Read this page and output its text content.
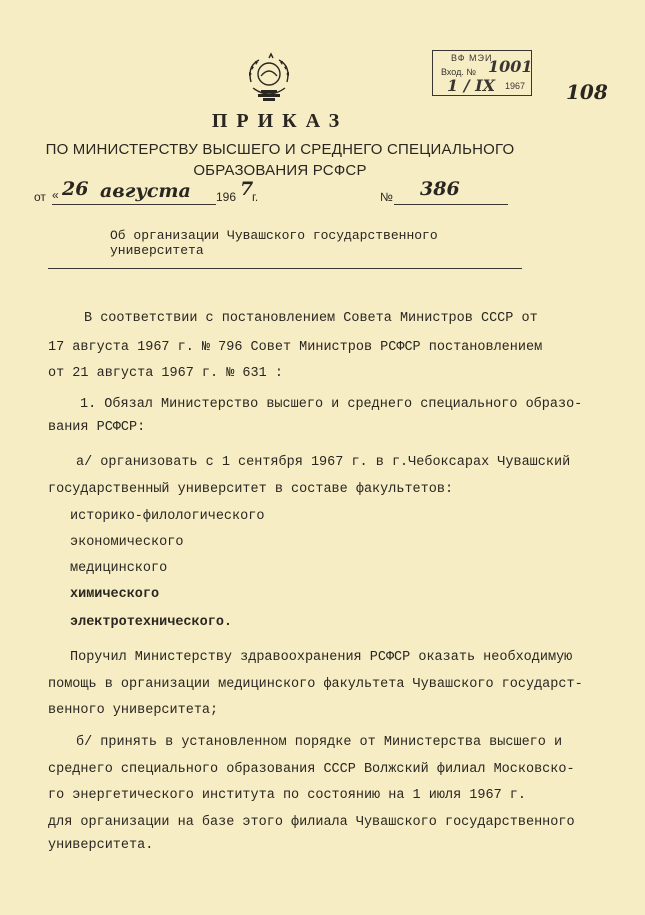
ВФ МЭИ
Вход. № 1001
1 / IX 1967 108
ПРИКАЗ
ПО МИНИСТЕРСТВУ ВЫСШЕГО И СРЕДНЕГО СПЕЦИАЛЬНОГО
ОБРАЗОВАНИЯ РСФСР
от « 26 августа 196 7
г.	№ 386
Об организации Чувашского государственного
университета
В соответствии с постановлением Совета Министров СССР от
17 августа 1967 г. № 796 Совет Министров РСФСР постановлением
от 21 августа 1967 г. № 631 :
1. Обязал Министерство высшего и среднего специального образо-
вания РСФСР:
а/ организовать с 1 сентября 1967 г. в г.Чебоксарах Чувашский
государственный университет в составе факультетов:
историко-филологического
экономического
медицинского
химического
электротехнического.
Поручил Министерству здравоохранения РСФСР оказать необходимую
помощь в организации медицинского факультета Чувашского государст-
венного университета;
б/ принять в установленном порядке от Министерства высшего и
среднего специального образования СССР Волжский филиал Московско-
го энергетического института по состоянию на 1 июля 1967 г.
для организации на базе этого филиала Чувашского государственного
университета.
